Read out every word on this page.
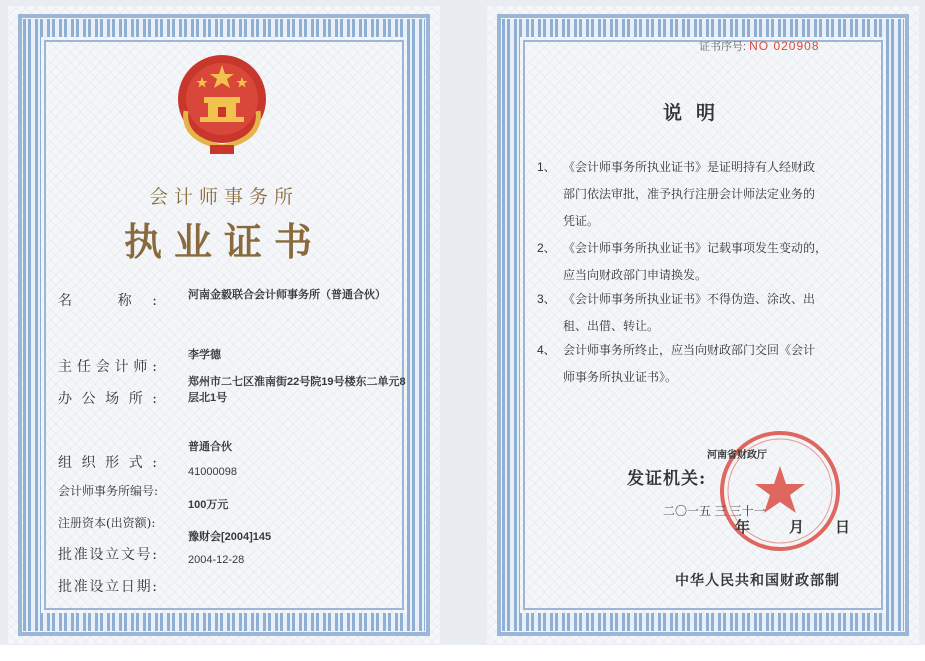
会计师事务所
执业证书
名 称:	河南金毅联合会计师事务所（普通合伙）
主任会计师:
李学德
办公场所:
郑州市二七区淮南街22号院19号楼东二单元8层北1号
组织形式:
普通合伙
会计师事务所编号:
41000098
注册资本(出资额):
100万元
批准设立文号:
豫财会[2004]145
批准设立日期:
2004-12-28
证书序号: NO 020908
说明
1、 《会计师事务所执业证书》是证明持有人经财政
部门依法审批，准予执行注册会计师法定业务的
凭证。
2、 《会计师事务所执业证书》记载事项发生变动的，
应当向财政部门申请换发。
3、 《会计师事务所执业证书》不得伪造、涂改、出
租、出借、转让。
4、 会计师事务所终止，应当向财政部门交回《会计
师事务所执业证书》。
河南省财政厅
发证机关:
二〇一五 三 三十一
年	月 日
中华人民共和国财政部制
